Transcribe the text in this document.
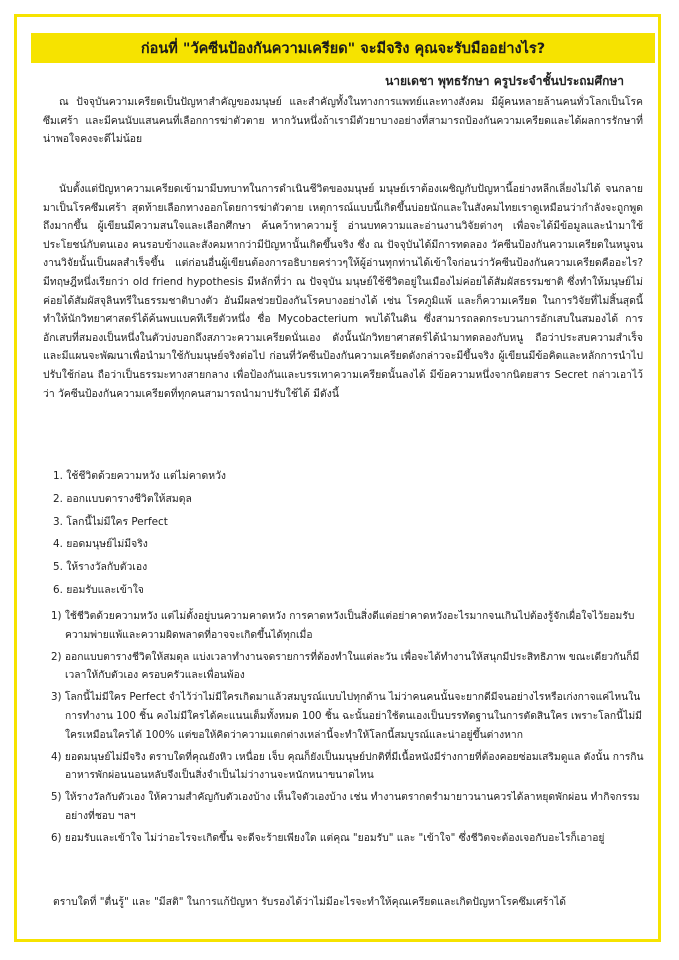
ก่อนที่ "วัคซีนป้องกันความเครียด" จะมีจริง คุณจะรับมืออย่างไร?
นายเดชา พุทธรักษา ครูประจำชั้นประถมศึกษา

ณ ปัจจุบันความเครียดเป็นปัญหาสำคัญของมนุษย์ และสำคัญทั้งในทางการแพทย์และทางสังคม มีผู้คนหลายล้านคนทั่วโลกเป็นโรคซึมเศร้า และมีคนนับแสนคนที่เลือกการฆ่าตัวตาย หากวันหนึ่งถ้าเรามีตัวยาบางอย่างที่สามารถป้องกันความเครียดและได้ผลการรักษาที่น่าพอใจคงจะดีไม่น้อย

นับตั้งแต่ปัญหาความเครียดเข้ามามีบทบาทในการดำเนินชีวิตของมนุษย์ มนุษย์เราต้องเผชิญกับปัญหานี้อย่างหลีกเลี่ยงไม่ได้ จนกลายมาเป็นโรคซึมเศร้า สุดท้ายเลือกทางออกโดยการฆ่าตัวตาย เหตุการณ์แบบนี้เกิดขึ้นบ่อยนักและในสังคมไทยเราดูเหมือนว่ากำลังจะถูกพูดถึงมากขึ้น ผู้เขียนมีความสนใจและเลือกศึกษา ค้นคว้าหาความรู้ อ่านบทความและอ่านงานวิจัยต่างๆ เพื่อจะได้มีข้อมูลและนำมาใช้ประโยชน์กับตนเอง คนรอบข้างและสังคมหากว่ามีปัญหานั้นเกิดขึ้นจริง ซึ่ง ณ ปัจจุบันได้มีการทดลอง วัคซีนป้องกันความเครียดในหนูจนงานวิจัยนั้นเป็นผลสำเร็จขึ้น แต่ก่อนอื่นผู้เขียนต้องการอธิบายคร่าวๆให้ผู้อ่านทุกท่านได้เข้าใจก่อนว่าวัคซีนป้องกันความเครียดคืออะไร? มีทฤษฎีหนึ่งเรียกว่า old friend hypothesis มีหลักที่ว่า ณ ปัจจุบัน มนุษย์ใช้ชีวิตอยู่ในเมืองไม่ค่อยได้สัมผัสธรรมชาติ ซึ่งทำให้มนุษย์ไม่ค่อยได้สัมผัสจุลินทรีในธรรมชาติบางตัว อันมีผลช่วยป้องกันโรคบางอย่างได้ เช่น โรคภูมิแพ้ และก็ความเครียด ในการวิจัยที่ไม่สิ้นสุดนี้ทำให้นักวิทยาศาสตร์ได้ค้นพบแบคทีเรียตัวหนึ่ง ชื่อ Mycobacterium พบได้ในดิน ซึ่งสามารถลดกระบวนการอักเสบในสมองได้ การอักเสบที่สมองเป็นหนึ่งในตัวบ่งบอกถึงสภาวะความเครียดนั่นเอง ดังนั้นนักวิทยาศาสตร์ได้นำมาทดลองกับหนู ถือว่าประสบความสำเร็จและมีแผนจะพัฒนาเพื่อนำมาใช้กับมนุษย์จริงต่อไป ก่อนที่วัคซีนป้องกันความเครียดดังกล่าวจะมีขึ้นจริง ผู้เขียนมีข้อคิดและหลักการนำไปปรับใช้ก่อน ถือว่าเป็นธรรมะทางสายกลาง เพื่อป้องกันและบรรเทาความเครียดนั้นลงได้ มีข้อความหนึ่งจากนิตยสาร Secret กล่าวเอาไว้ว่า วัคซีนป้องกันความเครียดที่ทุกคนสามารถนำมาปรับใช้ได้ มีดังนี้

1. ใช้ชีวิตด้วยความหวัง แต่ไม่คาดหวัง
2. ออกแบบตารางชีวิตให้สมดุล
3. โลกนี้ไม่มีใคร Perfect
4. ยอดมนุษย์ไม่มีจริง
5. ให้รางวัลกับตัวเอง
6. ยอมรับและเข้าใจ
1) ใช้ชีวิตด้วยความหวัง แต่ไม่ตั้งอยู่บนความคาดหวัง การคาดหวังเป็นสิ่งดีแต่อย่าคาดหวังอะไรมากจนเกินไปต้องรู้จักเผื่อใจไว้ยอมรับความพ่ายแพ้และความผิดพลาดที่อาจจะเกิดขึ้นได้ทุกเมื่อ
2) ออกแบบตารางชีวิตให้สมดุล แบ่งเวลาทำงานจดรายการที่ต้องทำในแต่ละวัน เพื่อจะได้ทำงานให้สนุกมีประสิทธิภาพ ขณะเดียวกันก็มีเวลาให้กับตัวเอง ครอบครัวและเพื่อนพ้อง
3) โลกนี้ไม่มีใคร Perfect จำไว้ว่าไม่มีใครเกิดมาแล้วสมบูรณ์แบบไปทุกด้าน ไม่ว่าคนคนนั้นจะยากดีมีจนอย่างไรหรือเก่งกาจแค่ไหนในการทำงาน 100 ชิ้น คงไม่มีใครได้คะแนนเต็มทั้งหมด 100 ชิ้น ฉะนั้นอย่าใช้ตนเองเป็นบรรทัดฐานในการตัดสินใคร เพราะโลกนี้ไม่มีใครเหมือนใครได้ 100% แต่ขอให้คิดว่าความแตกต่างเหล่านี้จะทำให้โลกนี้สมบูรณ์และน่าอยู่ขึ้นต่างหาก
4) ยอดมนุษย์ไม่มีจริง ตราบใดที่คุณยังหิว เหนื่อย เจ็บ คุณก็ยังเป็นมนุษย์ปกติที่มีเนื้อหนังมีร่างกายที่ต้องคอยซ่อมเสริมดูแล ดังนั้น การกินอาหารพักผ่อนนอนหลับจึงเป็นสิ่งจำเป็นไม่ว่างานจะหนักหนาขนาดไหน
5) ให้รางวัลกับตัวเอง ให้ความสำคัญกับตัวเองบ้าง เห็นใจตัวเองบ้าง เช่น ทำงานตรากตรำมายาวนานควรได้ลาหยุดพักผ่อน ทำกิจกรรมอย่างที่ชอบ ฯลฯ
6) ยอมรับและเข้าใจ ไม่ว่าอะไรจะเกิดขึ้น จะดีจะร้ายเพียงใด แต่คุณ "ยอมรับ" และ "เข้าใจ" ซึ่งชีวิตจะต้องเจอกับอะไรก็เอาอยู่
ตราบใดที่ "ตื่นรู้" และ "มีสติ" ในการแก้ปัญหา รับรองได้ว่าไม่มีอะไรจะทำให้คุณเครียดและเกิดปัญหาโรคซึมเศร้าได้
